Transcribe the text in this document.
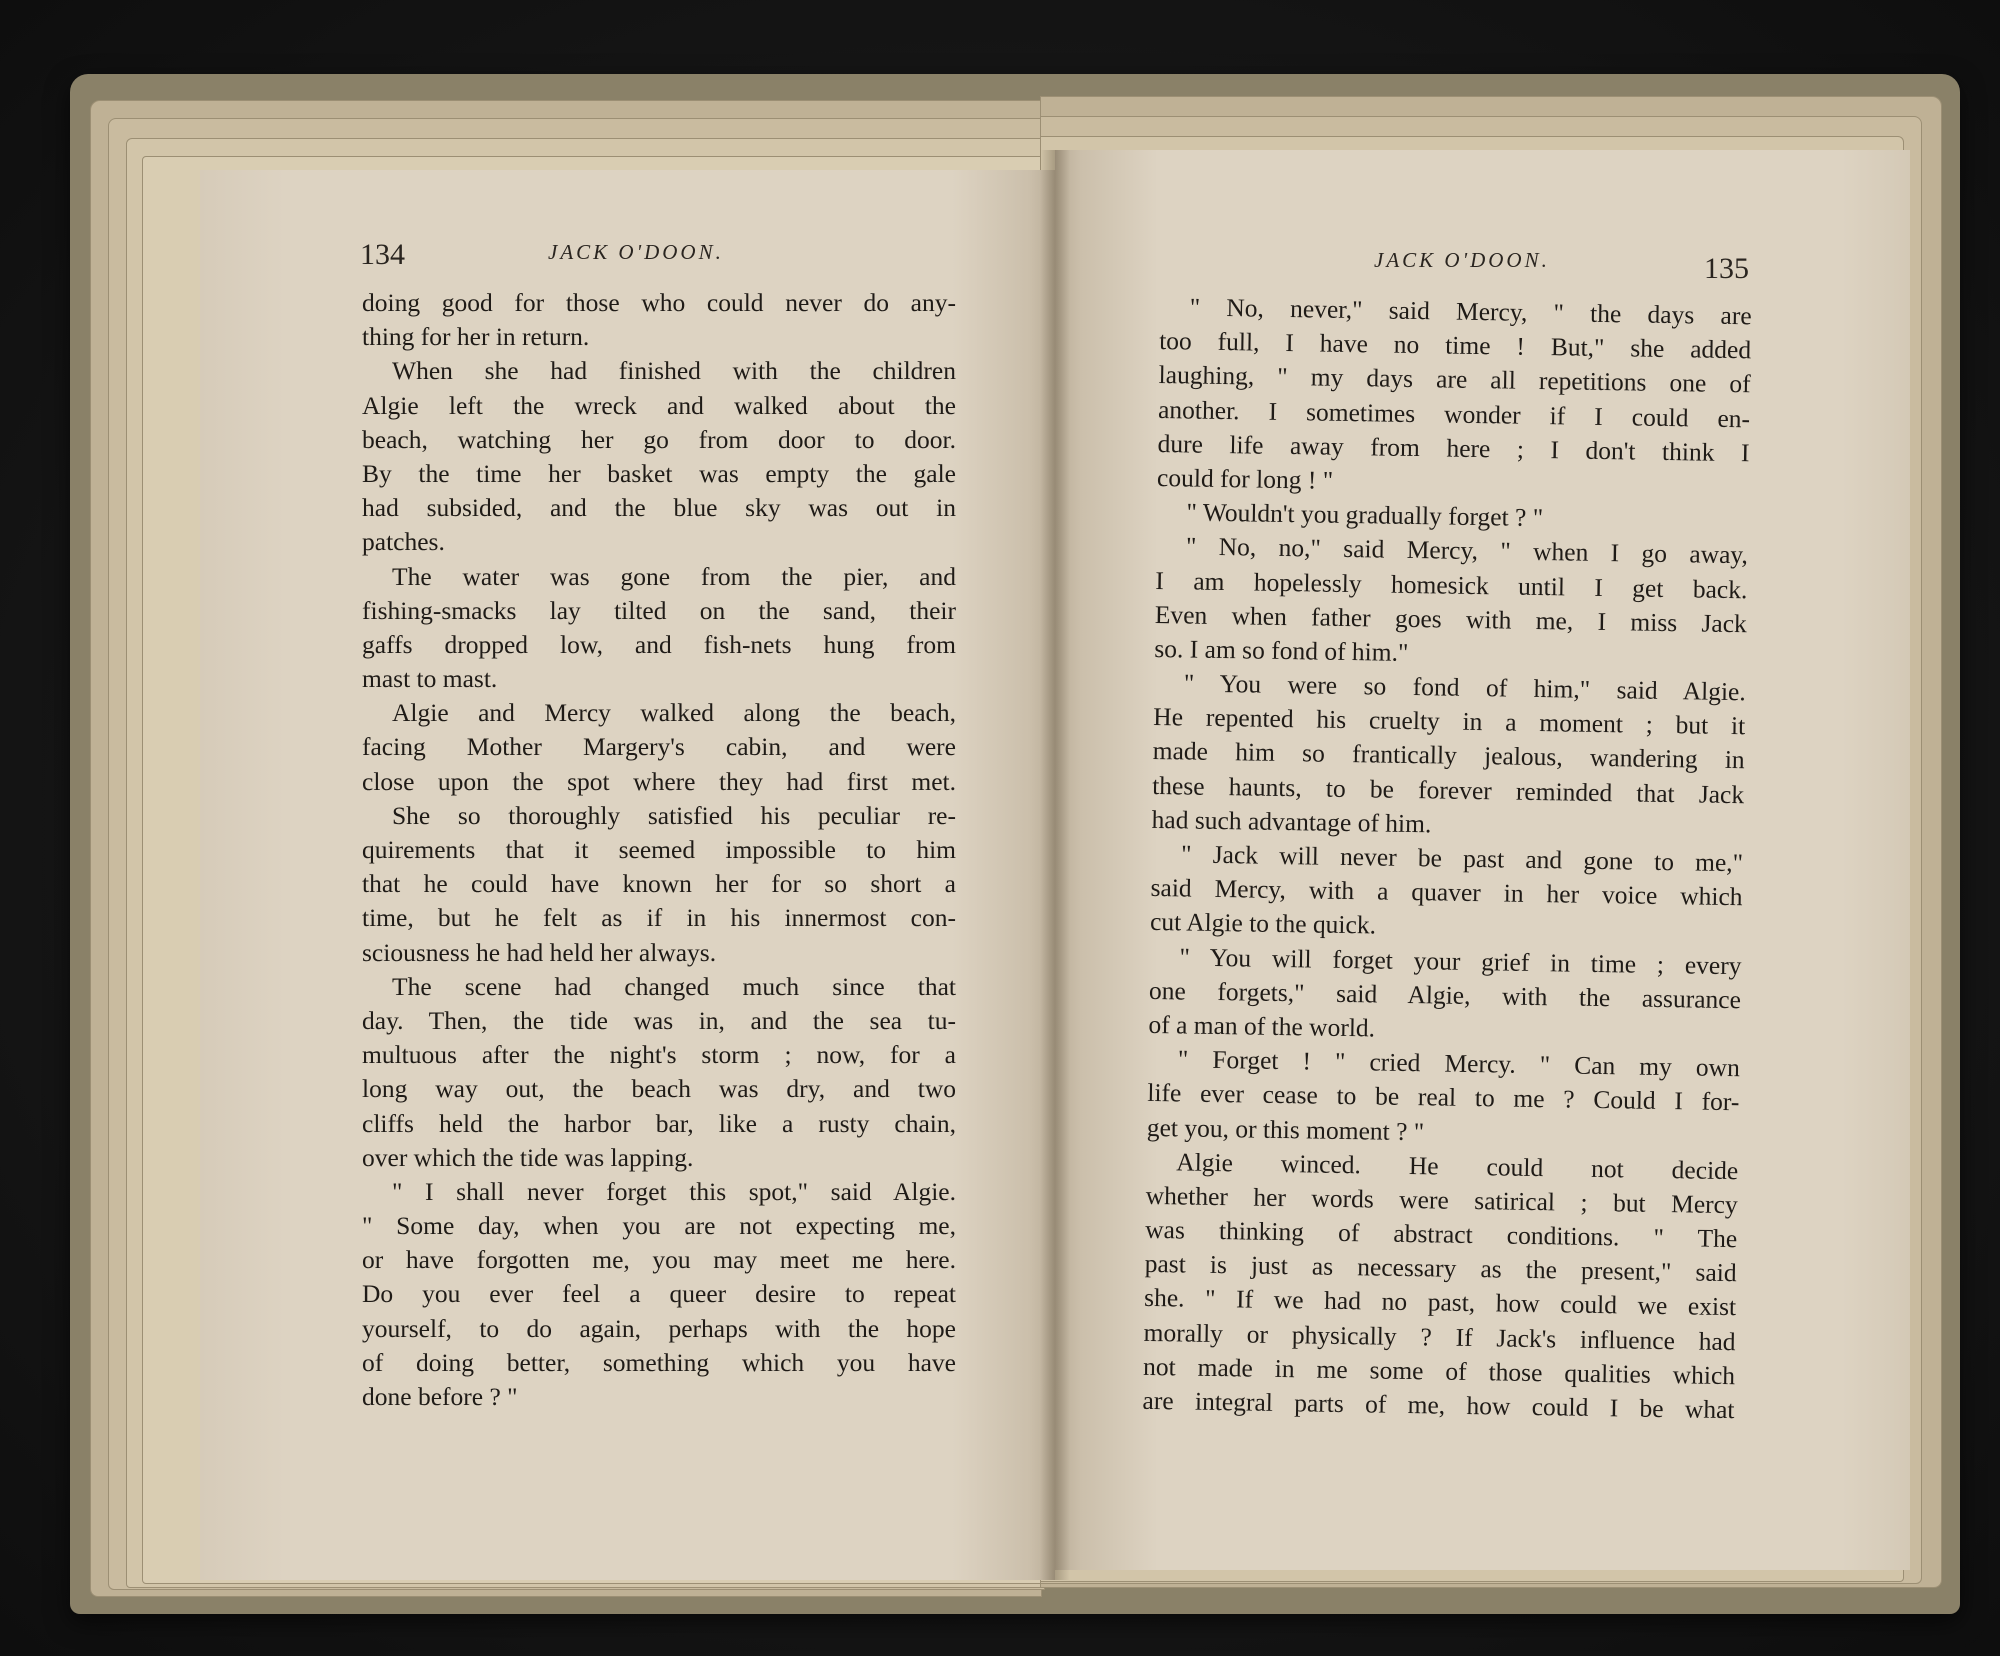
134	JACK O'DOON.	JACK O'DOON.	135
doing good for those who could never do any-
thing for her in return.
When she had finished with the children
Algie left the wreck and walked about the
beach, watching her go from door to door.
By the time her basket was empty the gale
had subsided, and the blue sky was out in
patches.
The water was gone from the pier, and
fishing-smacks lay tilted on the sand, their
gaffs dropped low, and fish-nets hung from
mast to mast.
Algie and Mercy walked along the beach,
facing Mother Margery's cabin, and were
close upon the spot where they had first met.
She so thoroughly satisfied his peculiar re-
quirements that it seemed impossible to him
that he could have known her for so short a
time, but he felt as if in his innermost con-
sciousness he had held her always.
The scene had changed much since that
day. Then, the tide was in, and the sea tu-
multuous after the night's storm ; now, for a
long way out, the beach was dry, and two
cliffs held the harbor bar, like a rusty chain,
over which the tide was lapping.
" I shall never forget this spot," said Algie.
" Some day, when you are not expecting me,
or have forgotten me, you may meet me here.
Do you ever feel a queer desire to repeat
yourself, to do again, perhaps with the hope
of doing better, something which you have
done before ? "
" No, never," said Mercy, " the days are
too full, I have no time ! But," she added
laughing, " my days are all repetitions one of
another. I sometimes wonder if I could en-
dure life away from here ; I don't think I
could for long ! "
" Wouldn't you gradually forget ? "
" No, no," said Mercy, " when I go away,
I am hopelessly homesick until I get back.
Even when father goes with me, I miss Jack
so. I am so fond of him."
" You were so fond of him," said Algie.
He repented his cruelty in a moment ; but it
made him so frantically jealous, wandering in
these haunts, to be forever reminded that Jack
had such advantage of him.
" Jack will never be past and gone to me,"
said Mercy, with a quaver in her voice which
cut Algie to the quick.
" You will forget your grief in time ; every
one forgets," said Algie, with the assurance
of a man of the world.
" Forget ! " cried Mercy. " Can my own
life ever cease to be real to me ? Could I for-
get you, or this moment ? "
Algie winced. He could not decide
whether her words were satirical ; but Mercy
was thinking of abstract conditions. " The
past is just as necessary as the present," said
she. " If we had no past, how could we exist
morally or physically ? If Jack's influence had
not made in me some of those qualities which
are integral parts of me, how could I be what
